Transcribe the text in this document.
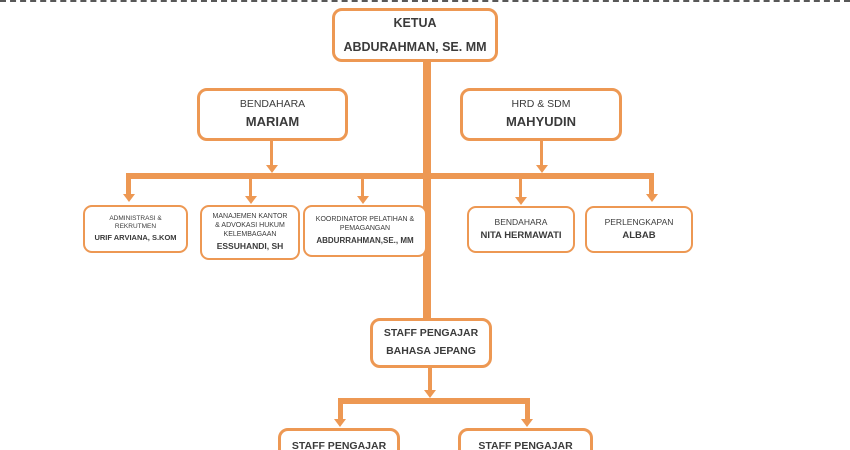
KETUA
ABDURAHMAN, SE. MM
BENDAHARA
MARIAM
HRD & SDM
MAHYUDIN
ADMINISTRASI &
REKRUTMEN
URIF ARVIANA, S.KOM
MANAJEMEN KANTOR
& ADVOKASI HUKUM
KELEMBAGAAN
ESSUHANDI, SH
KOORDINATOR PELATIHAN &
PEMAGANGAN
ABDURRAHMAN,SE., MM
BENDAHARA
NITA HERMAWATI
PERLENGKAPAN
ALBAB
STAFF PENGAJAR
BAHASA JEPANG
STAFF PENGAJAR	STAFF PENGAJAR
